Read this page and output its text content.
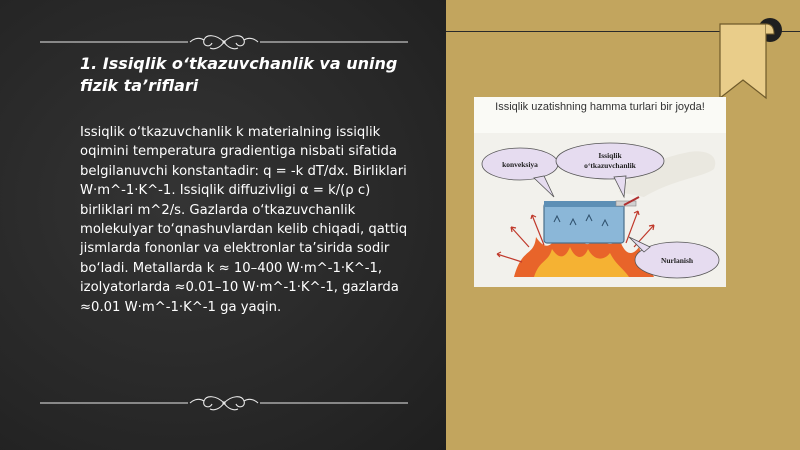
1. Issiqlik o‘tkazuvchanlik va uning fizik ta’riflari

Issiqlik o‘tkazuvchanlik k materialning issiqlik oqimini temperatura gradientiga nisbati sifatida belgilanuvchi konstantadir: q = -k dT/dx. Birliklari W·m^-1·K^-1. Issiqlik diffuzivligi α = k/(ρ c) birliklari m^2/s. Gazlarda o‘tkazuvchanlik molekulyar to‘qnashuvlardan kelib chiqadi, qattiq jismlarda fononlar va elektronlar ta’sirida sodir bo‘ladi. Metallarda k ≈ 10–400 W·m^-1·K^-1, izolyatorlarda ≈0.01–10 W·m^-1·K^-1, gazlarda ≈0.01 W·m^-1·K^-1 ga yaqin.

Issiqlik uzatishning hamma turlari bir joyda!

konveksiya
Issiqlik
o‘tkazuvchanlik
Nurlanish
